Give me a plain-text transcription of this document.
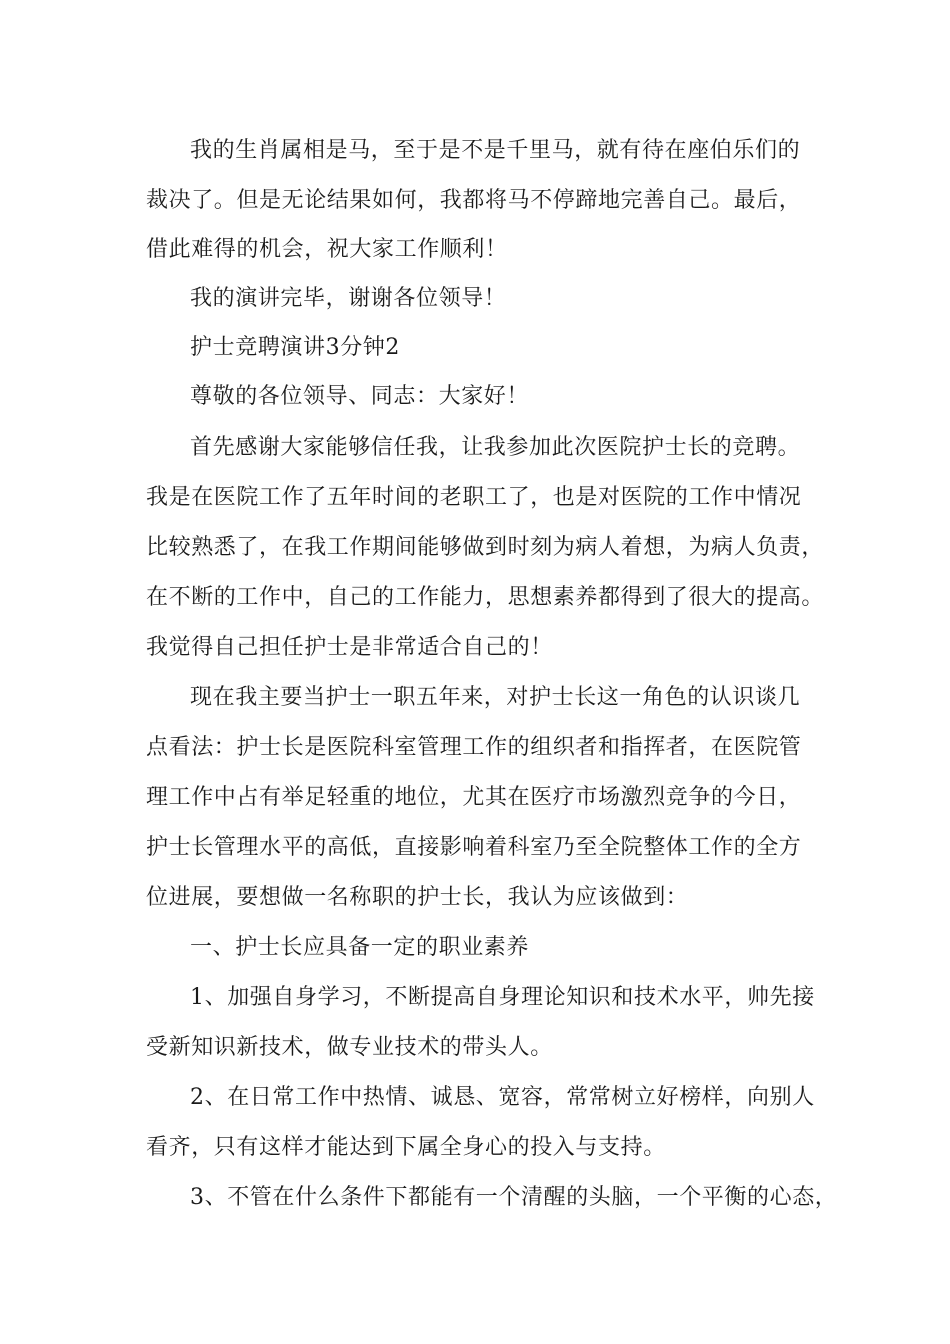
我的生肖属相是马，至于是不是千里马，就有待在座伯乐们的
裁决了。但是无论结果如何，我都将马不停蹄地完善自己。最后，
借此难得的机会，祝大家工作顺利！
我的演讲完毕，谢谢各位领导！
护士竞聘演讲3分钟2
尊敬的各位领导、同志：大家好！
首先感谢大家能够信任我，让我参加此次医院护士长的竞聘。
我是在医院工作了五年时间的老职工了，也是对医院的工作中情况
比较熟悉了，在我工作期间能够做到时刻为病人着想，为病人负责，
在不断的工作中，自己的工作能力，思想素养都得到了很大的提高。
我觉得自己担任护士是非常适合自己的！
现在我主要当护士一职五年来，对护士长这一角色的认识谈几
点看法：护士长是医院科室管理工作的组织者和指挥者，在医院管
理工作中占有举足轻重的地位，尤其在医疗市场激烈竞争的今日，
护士长管理水平的高低，直接影响着科室乃至全院整体工作的全方
位进展，要想做一名称职的护士长，我认为应该做到：
一、护士长应具备一定的职业素养
1、加强自身学习，不断提高自身理论知识和技术水平，帅先接
受新知识新技术，做专业技术的带头人。
2、在日常工作中热情、诚恳、宽容，常常树立好榜样，向别人
看齐，只有这样才能达到下属全身心的投入与支持。
3、不管在什么条件下都能有一个清醒的头脑，一个平衡的心态，
